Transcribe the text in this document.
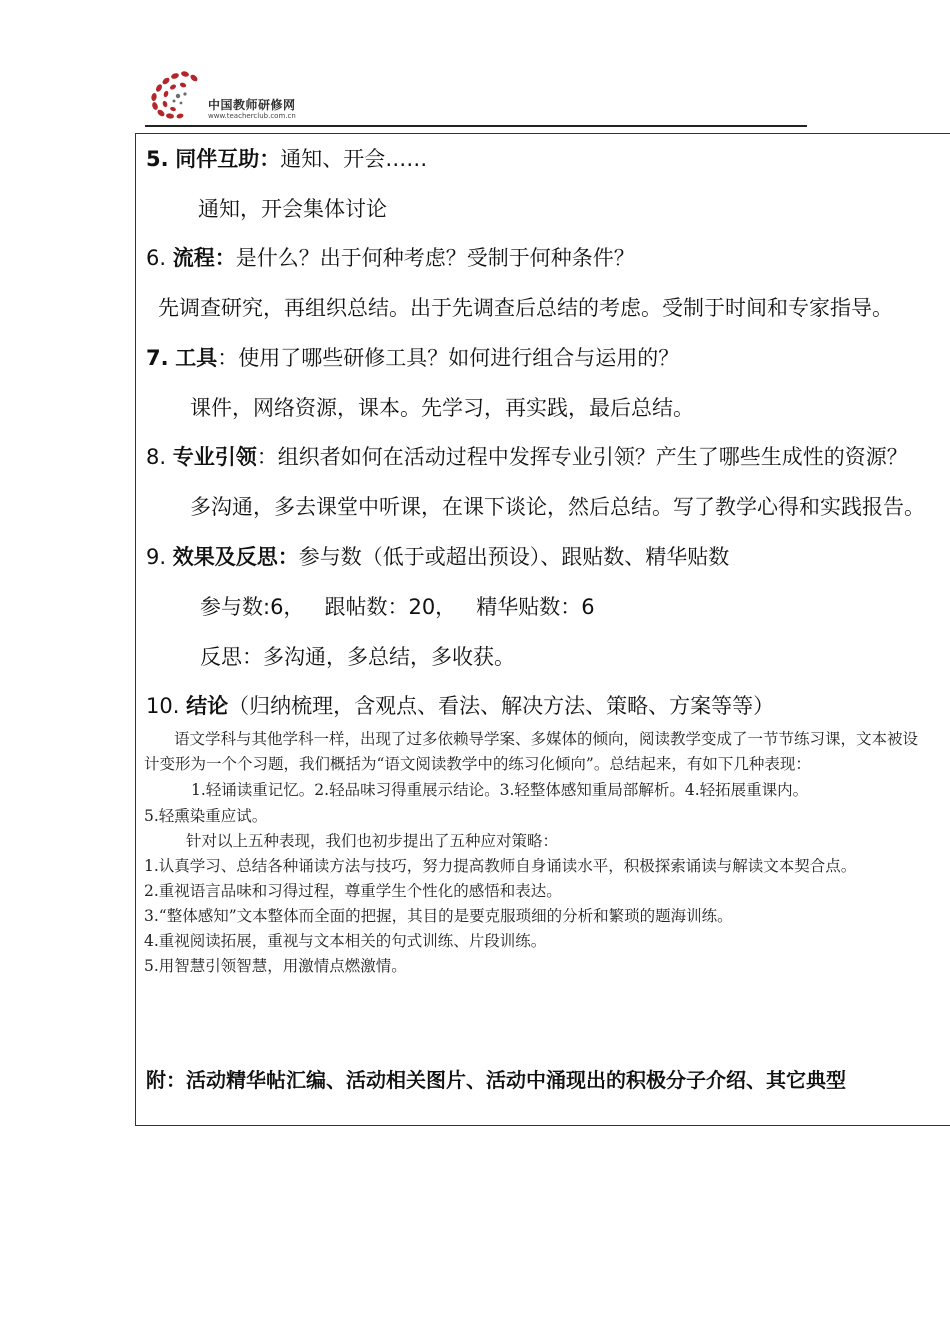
中国教师研修网
www.teacherclub.com.cn
5. 同伴互助：通知、开会……
通知，开会集体讨论
6. 流程：是什么？出于何种考虑？受制于何种条件？
先调查研究，再组织总结。出于先调查后总结的考虑。受制于时间和专家指导。
7. 工具：使用了哪些研修工具？如何进行组合与运用的？
课件，网络资源，课本。先学习，再实践，最后总结。
8. 专业引领：组织者如何在活动过程中发挥专业引领？产生了哪些生成性的资源？
多沟通，多去课堂中听课，在课下谈论，然后总结。写了教学心得和实践报告。
9. 效果及反思：参与数（低于或超出预设）、跟贴数、精华贴数
参与数:6，   跟帖数：20，   精华贴数：6
反思：多沟通，多总结，多收获。
10. 结论（归纳梳理，含观点、看法、解决方法、策略、方案等等）
语文学科与其他学科一样，出现了过多依赖导学案、多媒体的倾向，阅读教学变成了一节节练习课，文本被设
计变形为一个个习题，我们概括为“语文阅读教学中的练习化倾向”。总结起来，有如下几种表现：
1.轻诵读重记忆。2.轻品味习得重展示结论。3.轻整体感知重局部解析。4.轻拓展重课内。
5.轻熏染重应试。
针对以上五种表现，我们也初步提出了五种应对策略：
1.认真学习、总结各种诵读方法与技巧，努力提高教师自身诵读水平，积极探索诵读与解读文本契合点。
2.重视语言品味和习得过程，尊重学生个性化的感悟和表达。
3.“整体感知”文本整体而全面的把握，其目的是要克服琐细的分析和繁琐的题海训练。
4.重视阅读拓展，重视与文本相关的句式训练、片段训练。
5.用智慧引领智慧，用激情点燃激情。
附：活动精华帖汇编、活动相关图片、活动中涌现出的积极分子介绍、其它典型
